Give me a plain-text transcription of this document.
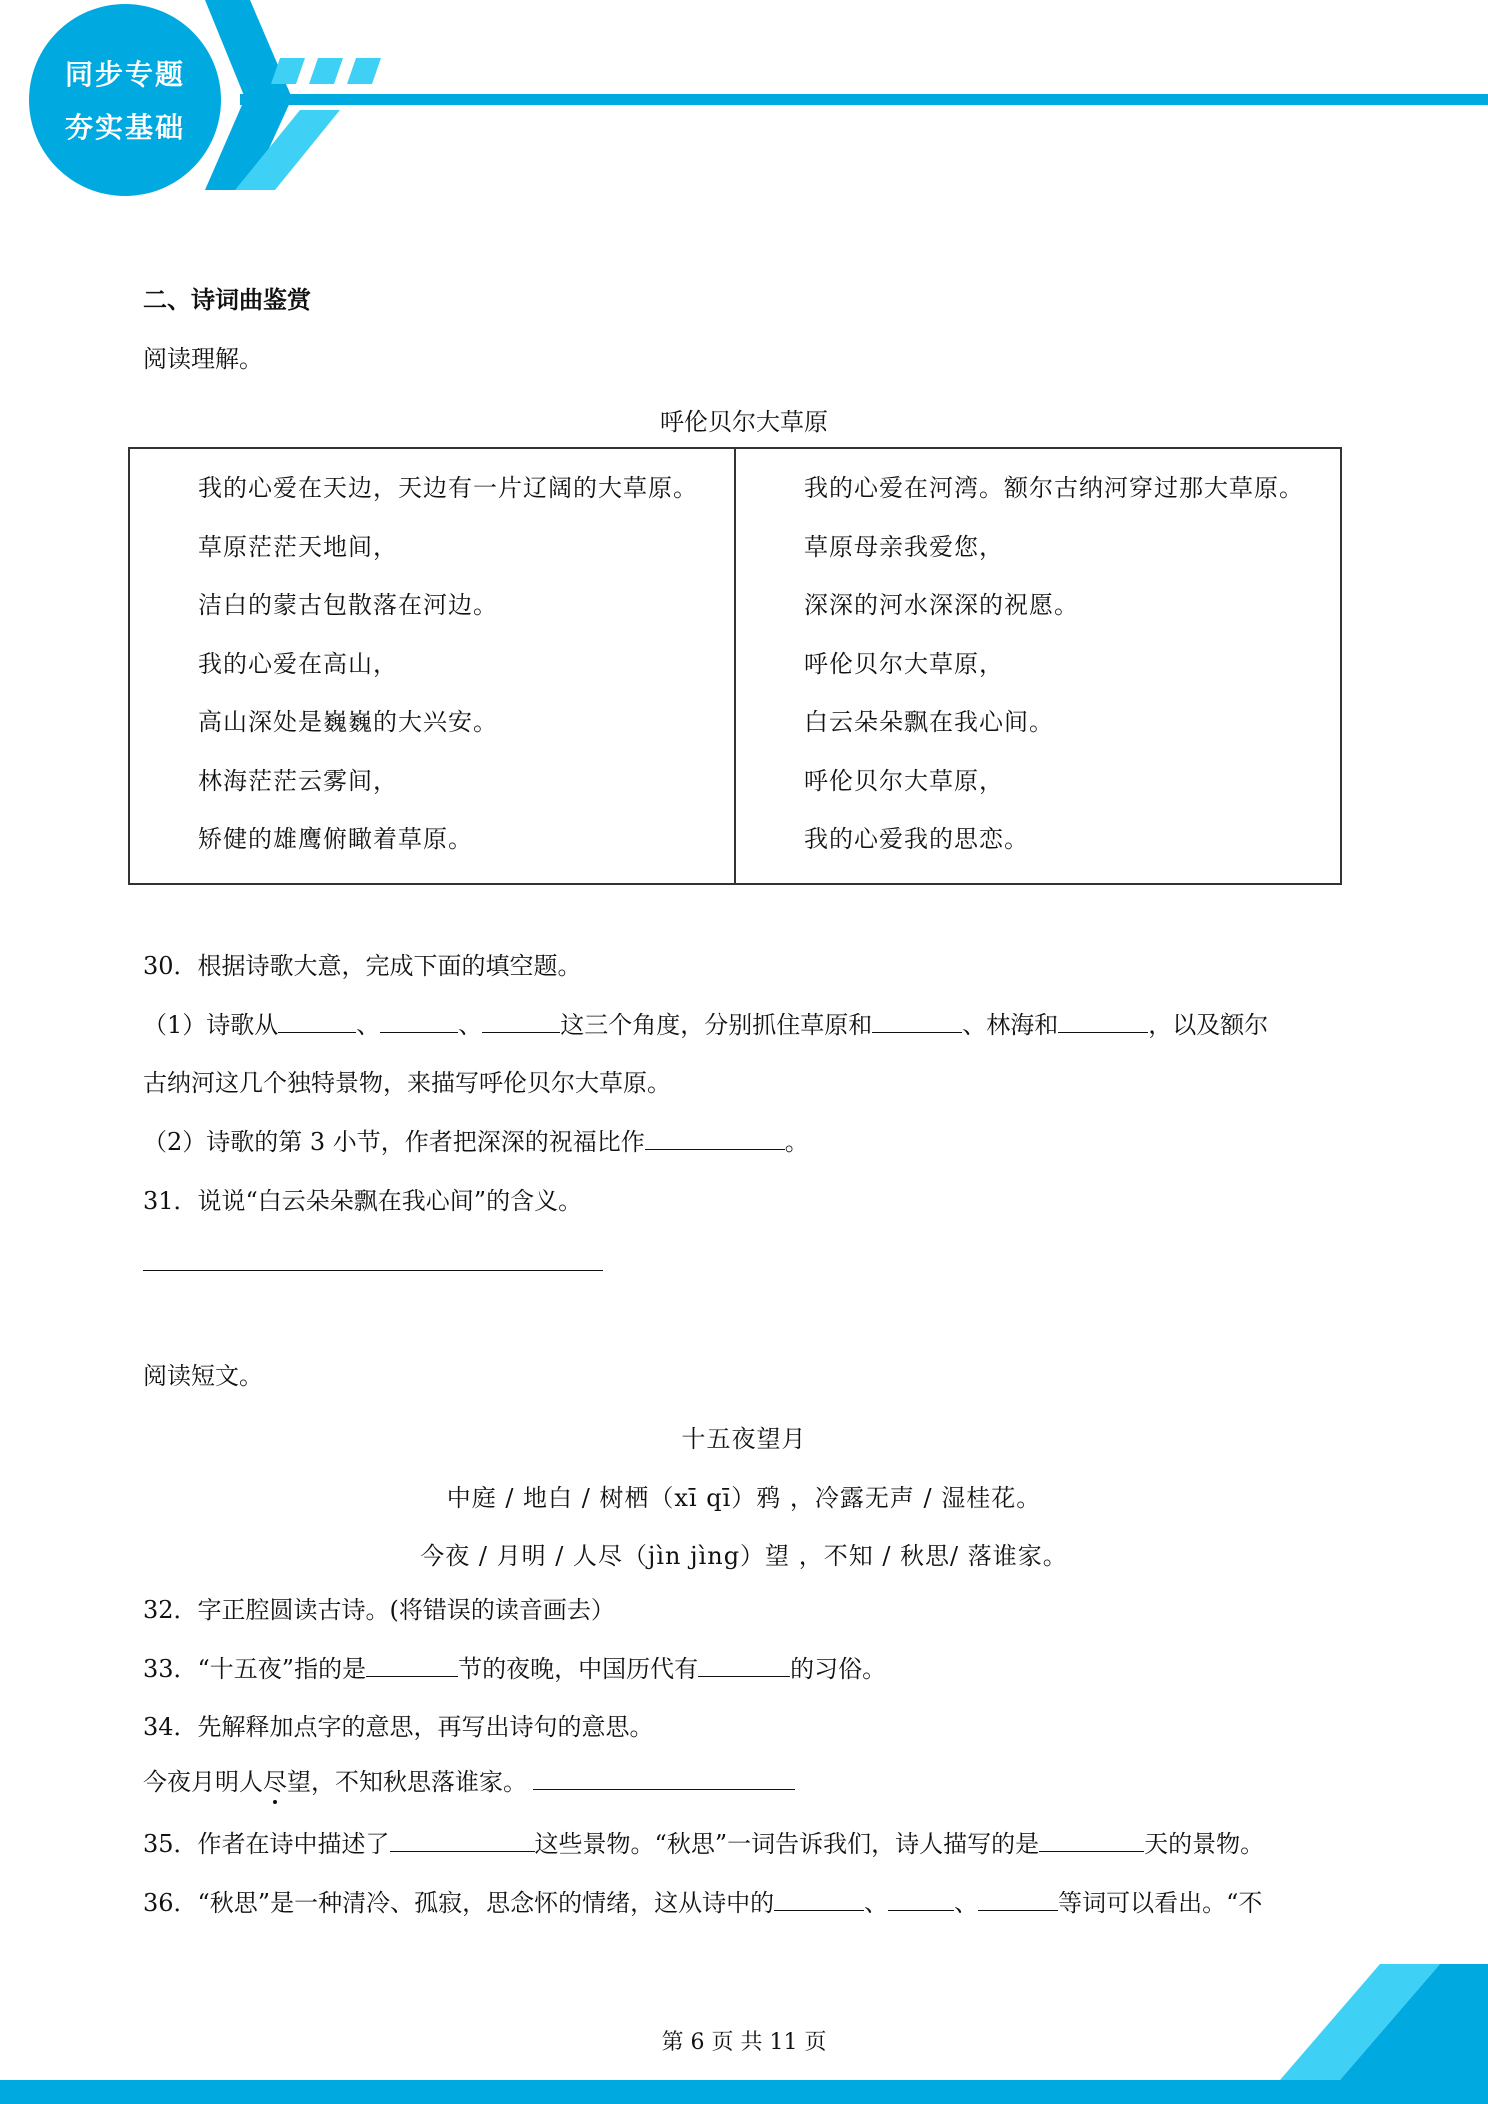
同步专题
夯实基础
二、诗词曲鉴赏
阅读理解。
呼伦贝尔大草原
我的心爱在天边，天边有一片辽阔的大草原。
草原茫茫天地间，
洁白的蒙古包散落在河边。
我的心爱在高山，
高山深处是巍巍的大兴安。
林海茫茫云雾间，
矫健的雄鹰俯瞰着草原。

我的心爱在河湾。额尔古纳河穿过那大草原。
草原母亲我爱您，
深深的河水深深的祝愿。
呼伦贝尔大草原，
白云朵朵飘在我心间。
呼伦贝尔大草原，
我的心爱我的思恋。
30．根据诗歌大意，完成下面的填空题。
（1）诗歌从	、	、	这三个角度，分别抓住草原和	、林海和	，以及额尔
古纳河这几个独特景物，来描写呼伦贝尔大草原。
（2）诗歌的第 3 小节，作者把深深的祝福比作	。
31．说说“白云朵朵飘在我心间”的含义。
阅读短文。
十五夜望月
中庭 / 地白 / 树栖（xī qī）鸦 ，冷露无声 / 湿桂花。
今夜 / 月明 / 人尽（jìn jìng）望 ，不知 / 秋思/ 落谁家。
32．字正腔圆读古诗。(将错误的读音画去）
33．“十五夜”指的是	节的夜晚，中国历代有	的习俗。
34．先解释加点字的意思，再写出诗句的意思。
今夜月明人尽望，不知秋思落谁家。
35．作者在诗中描述了	这些景物。“秋思”一词告诉我们，诗人描写的是	天的景物。
36．“秋思”是一种清冷、孤寂，思念怀的情绪，这从诗中的	、	、	等词可以看出。“不
第 6 页 共 11 页
